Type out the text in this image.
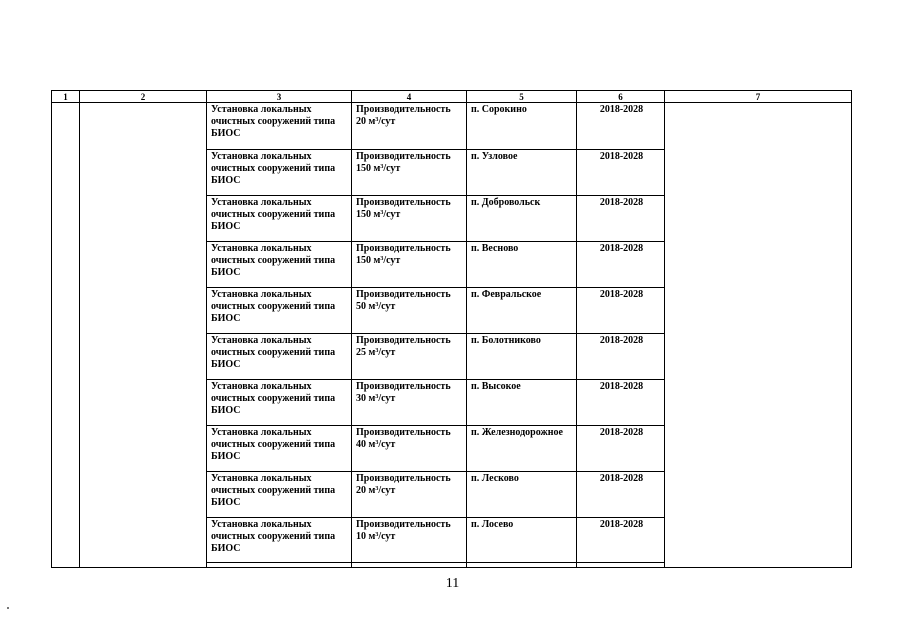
1	2	3	4	5	6	7

		Установка локальных очистных сооружений типа БИОС	Производительность
20 $м^3$/сут	п. Сорокино	2018-2028	

		Установка локальных очистных сооружений типа БИОС	Производительность
150 $м^3$/сут	п. Узловое	2018-2028	

		Установка локальных очистных сооружений типа БИОС	Производительность
150 $м^3$/сут	п. Добровольск	2018-2028	

		Установка локальных очистных сооружений типа БИОС	Производительность
150 $м^3$/сут	п. Весново	2018-2028	

		Установка локальных очистных сооружений типа БИОС	Производительность
50 $м^3$/сут	п. Февральское	2018-2028	

		Установка локальных очистных сооружений типа БИОС	Производительность
25 $м^3$/сут	п. Болотниково	2018-2028	

		Установка локальных очистных сооружений типа БИОС	Производительность
30 $м^3$/сут	п. Высокое	2018-2028	

		Установка локальных очистных сооружений типа БИОС	Производительность
40 $м^3$/сут	п. Железнодорожное	2018-2028	

		Установка локальных очистных сооружений типа БИОС	Производительность
20 $м^3$/сут	п. Лесково	2018-2028	

		Установка локальных очистных сооружений типа БИОС	Производительность
10 $м^3$/сут	п. Лосево	2018-2028	

11
